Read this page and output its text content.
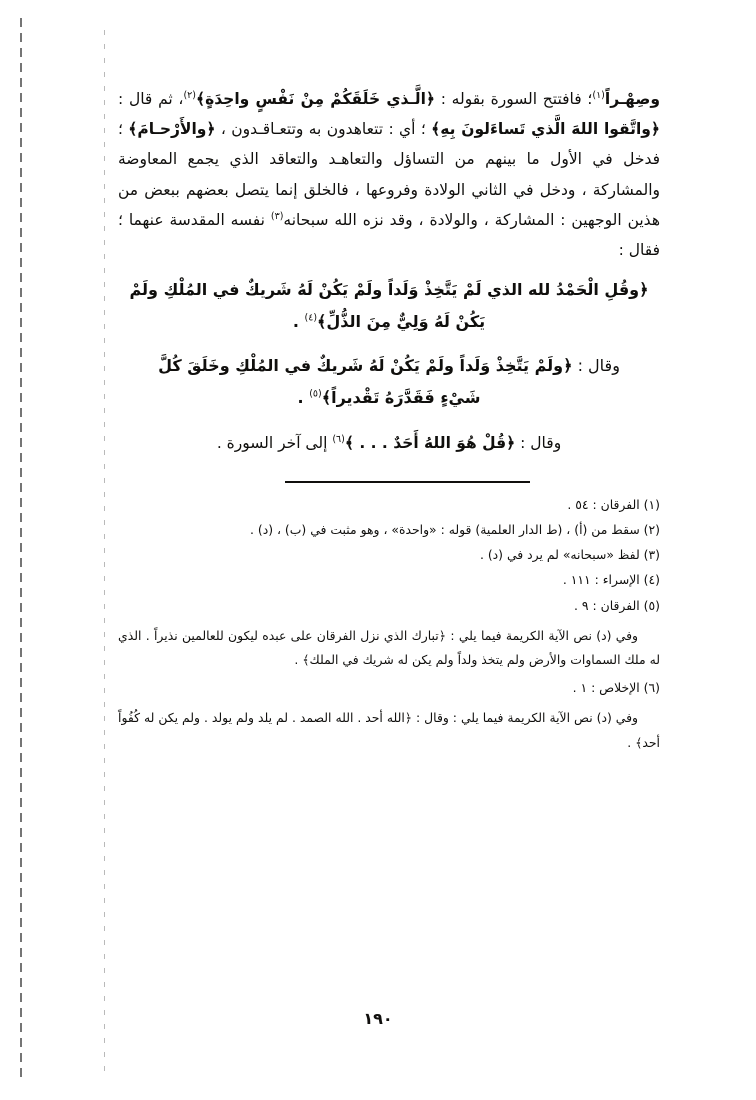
وصِهْـراً$^{(١)}$؛ فافتتح السورة بقوله : ﴿الَّـذي خَلَقَكُمْ مِنْ نَفْسٍ واحِدَةٍ﴾$^{(٢)}$، ثم قال : ﴿واتَّقوا اللهَ الَّذي تَساءَلونَ بِهِ﴾ ؛ أي : تتعاهدون به وتتعـاقـدون ، ﴿والأَرْحـامَ﴾ ؛ فدخل في الأول ما بينهم من التساؤل والتعاهـد والتعاقد الذي يجمع المعاوضة والمشاركة ، ودخل في الثاني الولادة وفروعها ، فالخلق إنما يتصل بعضهم ببعض من هذين الوجهين : المشاركة ، والولادة ، وقد نزه الله سبحانه$^{(٣)}$ نفسه المقدسة عنهما ؛ فقال :

﴿وقُلِ الْحَمْدُ لله الذي لَمْ يَتَّخِذْ وَلَداً ولَمْ يَكُنْ لَهُ شَريكٌ في المُلْكِ ولَمْ
يَكُنْ لَهُ وَلِيٌّ مِنَ الذُّلِّ﴾$^{(٤)}$ .
وقال : ﴿ولَمْ يَتَّخِذْ وَلَداً ولَمْ يَكُنْ لَهُ شَريكٌ في المُلْكِ وخَلَقَ كُلَّ
شَيْءٍ فَقَدَّرَهُ تَقْديراً﴾$^{(٥)}$ .
وقال : ﴿قُلْ هُوَ اللهُ أَحَدٌ . . . ﴾$^{(٦)}$ إلى آخر السورة .

(١) الفرقان : ٥٤ .

(٢) سقط من (أ) ، (ط الدار العلمية) قوله : «واحدة» ، وهو مثبت في (ب) ، (د) .

(٣) لفظ «سبحانه» لم يرد في (د) .

(٤) الإسراء : ١١١ .

(٥) الفرقان : ٩ .

وفي (د) نص الآية الكريمة فيما يلي : ﴿تبارك الذي نزل الفرقان على عبده ليكون للعالمين نذيراً . الذي له ملك السماوات والأرض ولم يتخذ ولداً ولم يكن له شريك في الملك﴾ .

(٦) الإخلاص : ١ .

وفي (د) نص الآية الكريمة فيما يلي : وقال : ﴿الله أحد . الله الصمد . لم يلد ولم يولد . ولم يكن له كُفُواً أحد﴾ .

١٩٠
